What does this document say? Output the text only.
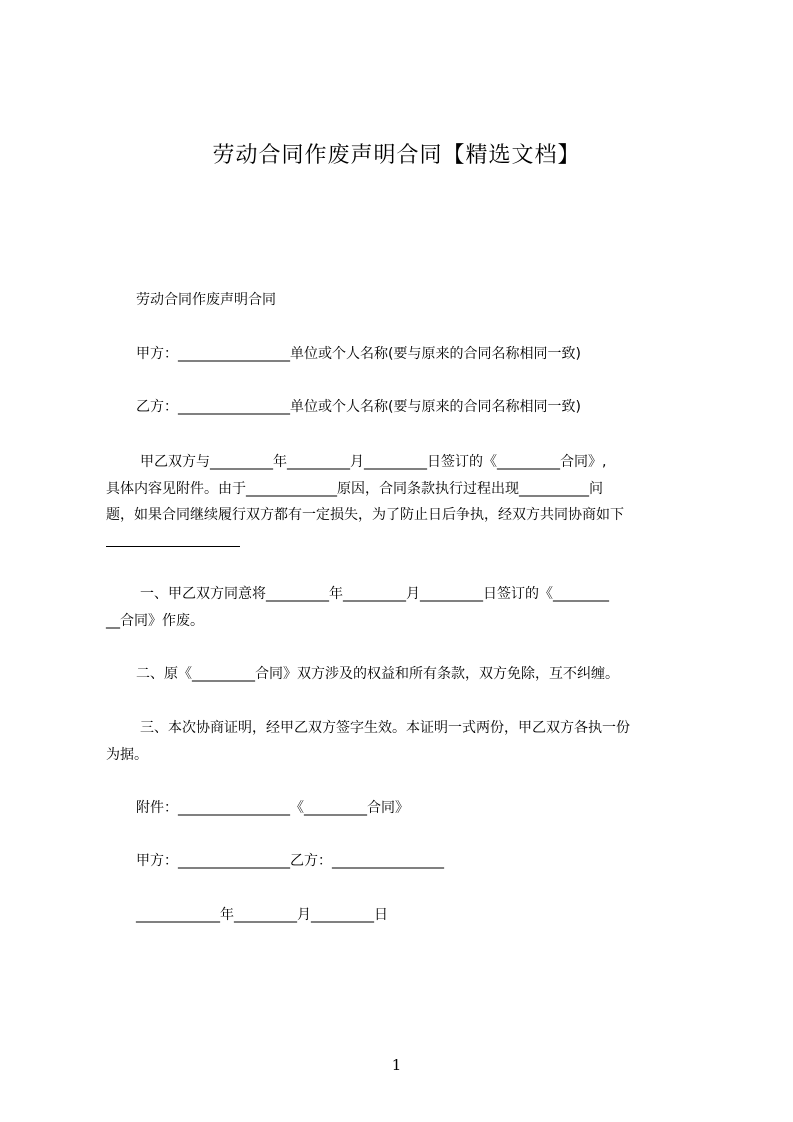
劳动合同作废声明合同【精选文档】
劳动合同作废声明合同
甲方：________________单位或个人名称(要与原来的合同名称相同一致)
乙方：________________单位或个人名称(要与原来的合同名称相同一致)
甲乙双方与_________年_________月_________日签订的《_________合同》,
具体内容见附件。由于_____________原因，合同条款执行过程出现__________问
题，如果合同继续履行双方都有一定损失，为了防止日后争执，经双方共同协商如下
一、甲乙双方同意将_________年_________月_________日签订的《________
__合同》作废。
二、原《_________合同》双方涉及的权益和所有条款，双方免除，互不纠缠。
三、本次协商证明，经甲乙双方签字生效。本证明一式两份，甲乙双方各执一份
为据。
附件：________________《_________合同》
甲方：________________乙方：________________
____________年_________月_________日
1
